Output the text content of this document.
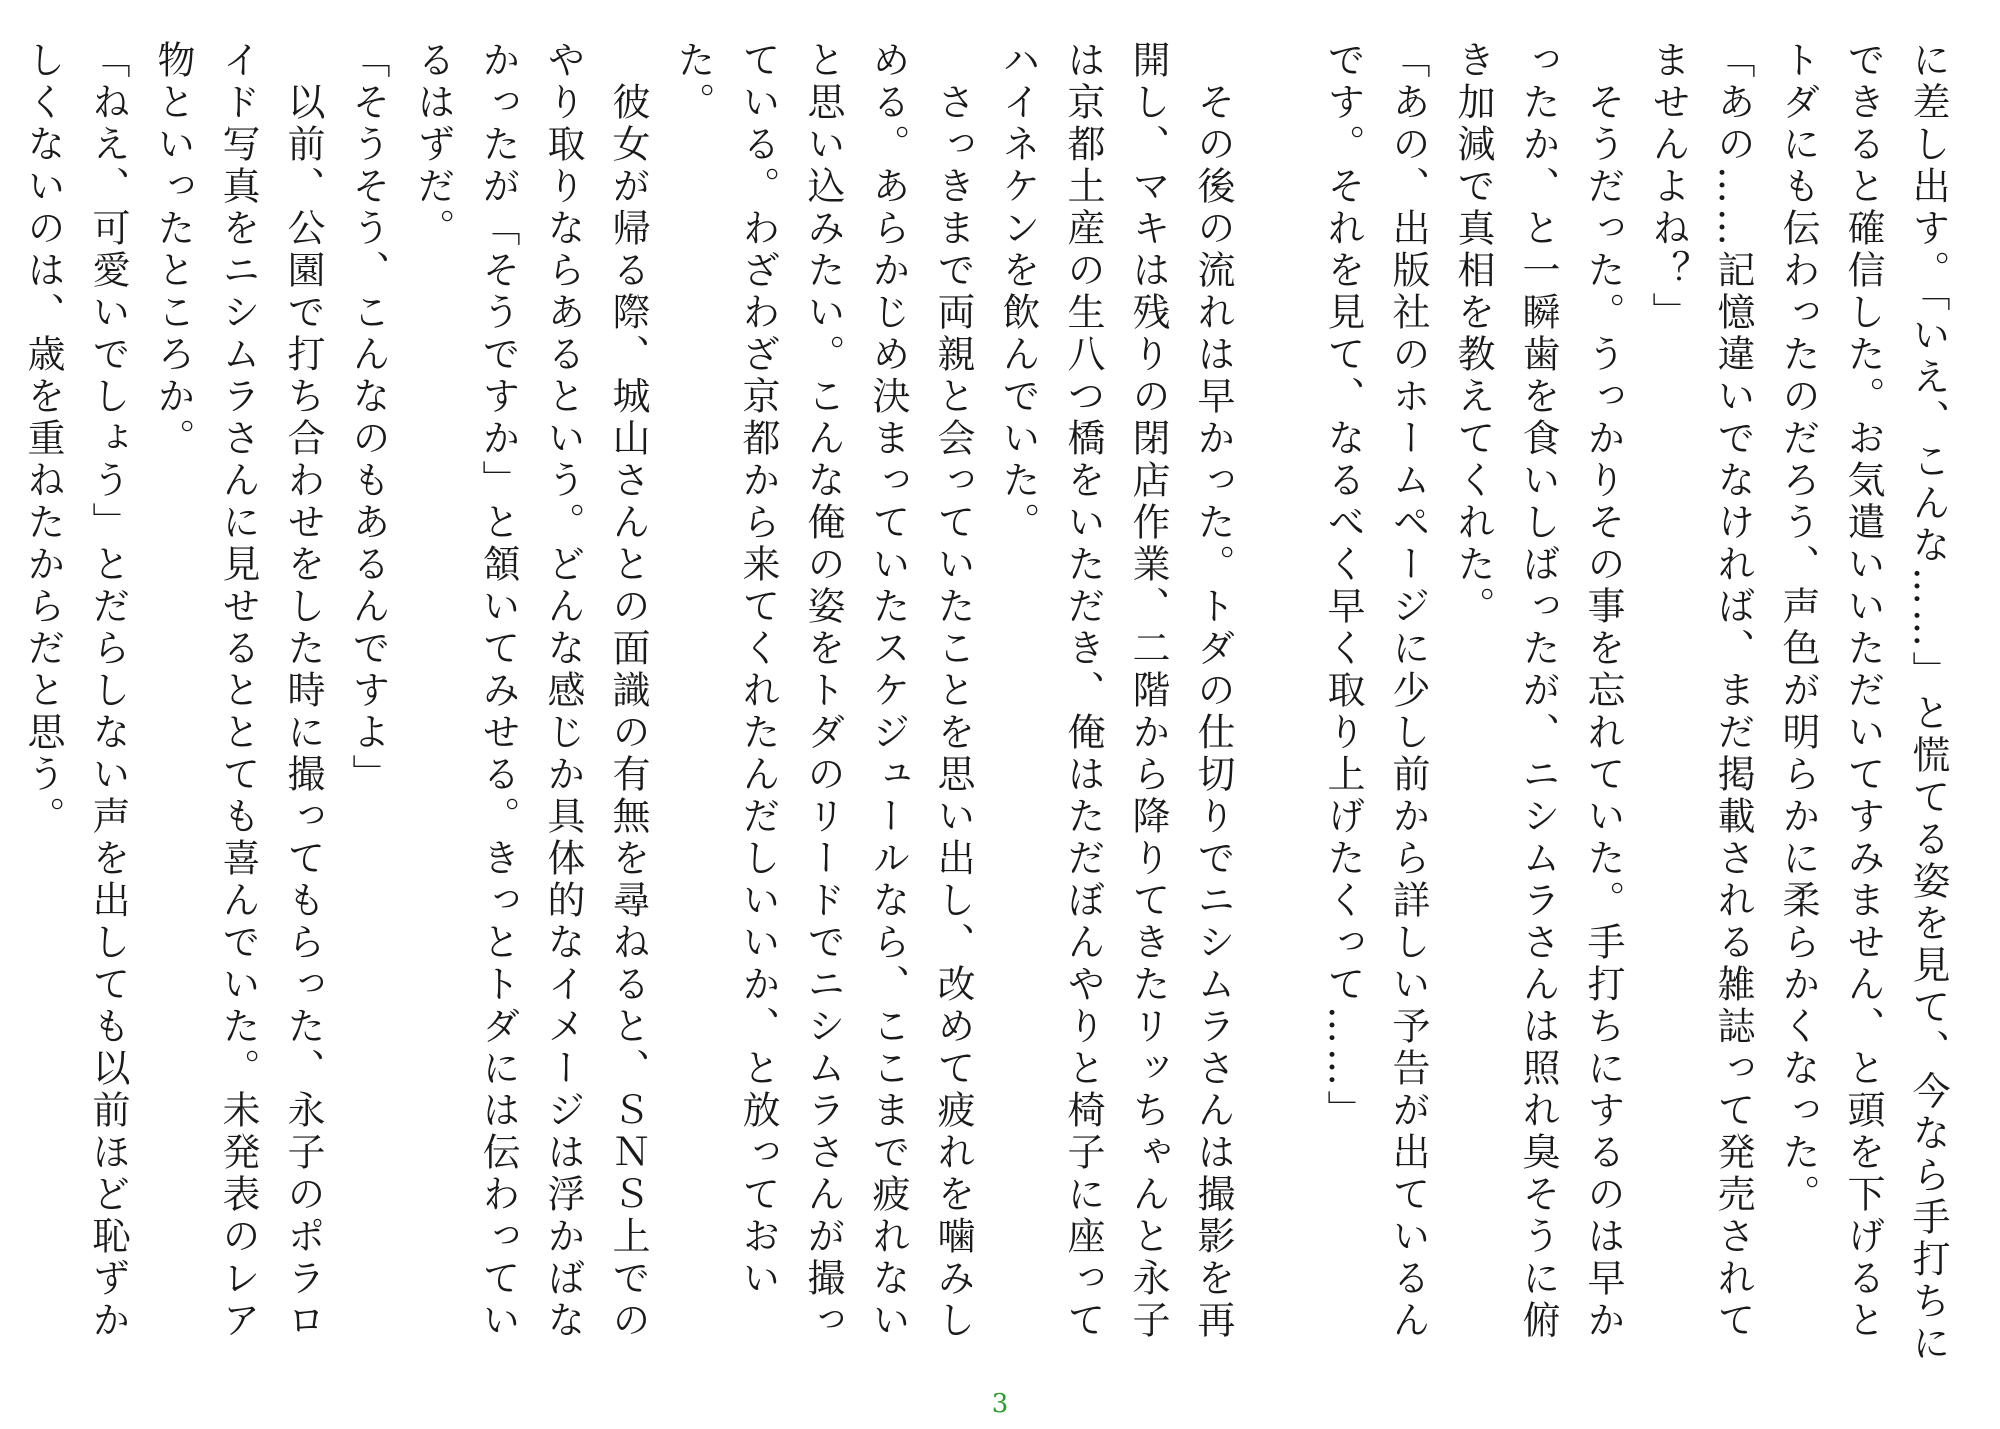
に差し出す。「いえ、こんな……」と慌てる姿を見て、今なら手打ちにできると確信した。お気遣いいただいてすみません、と頭を下げるとトダにも伝わったのだろう、声色が明らかに柔らかくなった。

「あの……記憶違いでなければ、まだ掲載される雑誌って発売されてませんよね？」

そうだった。うっかりその事を忘れていた。手打ちにするのは早かったか、と一瞬歯を食いしばったが、ニシムラさんは照れ臭そうに俯き加減で真相を教えてくれた。

「あの、出版社のホームページに少し前から詳しい予告が出ているんです。それを見て、なるべく早く取り上げたくって……」

その後の流れは早かった。トダの仕切りでニシムラさんは撮影を再開し、マキは残りの閉店作業、二階から降りてきたリッちゃんと永子は京都土産の生八つ橋をいただき、俺はただぼんやりと椅子に座ってハイネケンを飲んでいた。

さっきまで両親と会っていたことを思い出し、改めて疲れを噛みしめる。あらかじめ決まっていたスケジュールなら、ここまで疲れないと思い込みたい。こんな俺の姿をトダのリードでニシムラさんが撮っている。わざわざ京都から来てくれたんだしいいか、と放っておいた。

彼女が帰る際、城山さんとの面識の有無を尋ねると、ＳＮＳ上でのやり取りならあるという。どんな感じか具体的なイメージは浮かばなかったが「そうですか」と頷いてみせる。きっとトダには伝わっているはずだ。

「そうそう、こんなのもあるんですよ」

以前、公園で打ち合わせをした時に撮ってもらった、永子のポラロイド写真をニシムラさんに見せるととても喜んでいた。未発表のレア物といったところか。

「ねえ、可愛いでしょう」とだらしない声を出しても以前ほど恥ずかしくないのは、歳を重ねたからだと思う。

3
